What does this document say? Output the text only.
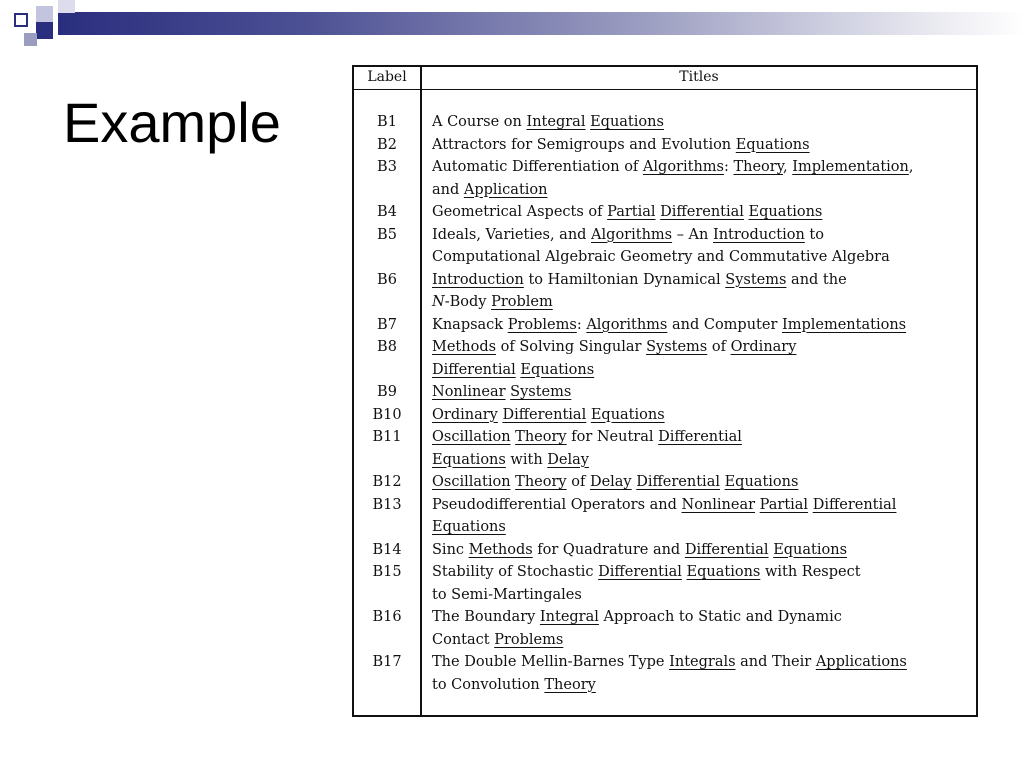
Example
Label	Titles
B1	A Course on Integral Equations
B2	Attractors for Semigroups and Evolution Equations
B3	Automatic Differentiation of Algorithms: Theory, Implementation,
and Application
B4	Geometrical Aspects of Partial Differential Equations
B5	Ideals, Varieties, and Algorithms – An Introduction to
Computational Algebraic Geometry and Commutative Algebra
B6	Introduction to Hamiltonian Dynamical Systems and the
N-Body Problem
B7	Knapsack Problems: Algorithms and Computer Implementations
B8	Methods of Solving Singular Systems of Ordinary
Differential Equations
B9	Nonlinear Systems
B10	Ordinary Differential Equations
B11	Oscillation Theory for Neutral Differential
Equations with Delay
B12	Oscillation Theory of Delay Differential Equations
B13	Pseudodifferential Operators and Nonlinear Partial Differential
Equations
B14	Sinc Methods for Quadrature and Differential Equations
B15	Stability of Stochastic Differential Equations with Respect
to Semi-Martingales
B16	The Boundary Integral Approach to Static and Dynamic
Contact Problems
B17	The Double Mellin-Barnes Type Integrals and Their Applications
to Convolution Theory
